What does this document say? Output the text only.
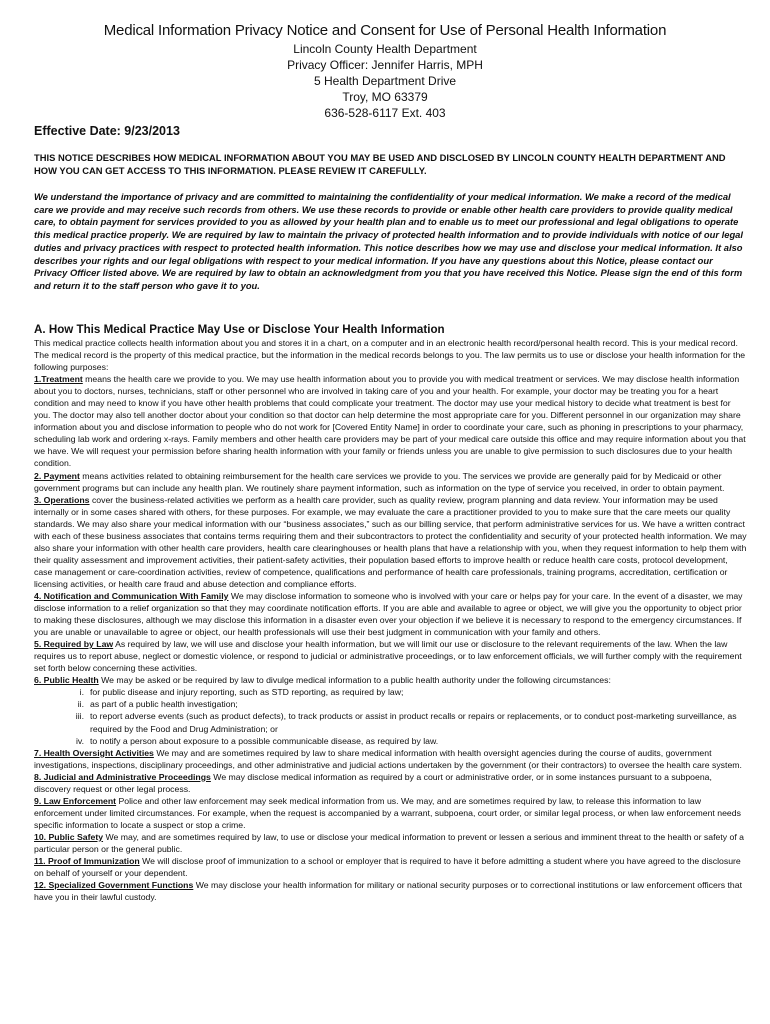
Medical Information Privacy Notice and Consent for Use of Personal Health Information
Lincoln County Health Department
Privacy Officer: Jennifer Harris, MPH
5 Health Department Drive
Troy, MO 63379
636-528-6117 Ext. 403
Effective Date: 9/23/2013
THIS NOTICE DESCRIBES HOW MEDICAL INFORMATION ABOUT YOU MAY BE USED AND DISCLOSED BY LINCOLN COUNTY HEALTH DEPARTMENT AND HOW YOU CAN GET ACCESS TO THIS INFORMATION. PLEASE REVIEW IT CAREFULLY.
We understand the importance of privacy and are committed to maintaining the confidentiality of your medical information. We make a record of the medical care we provide and may receive such records from others. We use these records to provide or enable other health care providers to provide quality medical care, to obtain payment for services provided to you as allowed by your health plan and to enable us to meet our professional and legal obligations to operate this medical practice properly. We are required by law to maintain the privacy of protected health information and to provide individuals with notice of our legal duties and privacy practices with respect to protected health information. This notice describes how we may use and disclose your medical information. It also describes your rights and our legal obligations with respect to your medical information. If you have any questions about this Notice, please contact our Privacy Officer listed above. We are required by law to obtain an acknowledgment from you that you have received this Notice. Please sign the end of this form and return it to the staff person who gave it to you.
A. How This Medical Practice May Use or Disclose Your Health Information

This medical practice collects health information about you and stores it in a chart, on a computer and in an electronic health record/personal health record. This is your medical record. The medical record is the property of this medical practice, but the information in the medical records belongs to you. The law permits us to use or disclose your health information for the following purposes:

1.Treatment means the health care we provide to you. We may use health information about you to provide you with medical treatment or services. We may disclose health information about you to doctors, nurses, technicians, staff or other personnel who are involved in taking care of you and your health. For example, your doctor may be treating you for a heart condition and may need to know if you have other health problems that could complicate your treatment. The doctor may use your medical history to decide what treatment is best for you. The doctor may also tell another doctor about your condition so that doctor can help determine the most appropriate care for you. Different personnel in our organization may share information about you and disclose information to people who do not work for [Covered Entity Name] in order to coordinate your care, such as phoning in prescriptions to your pharmacy, scheduling lab work and ordering x-rays. Family members and other health care providers may be part of your medical care outside this office and may require information about you that we have. We will request your permission before sharing health information with your family or friends unless you are unable to give permission to such disclosures due to your health condition.

2. Payment means activities related to obtaining reimbursement for the health care services we provide to you. The services we provide are generally paid for by Medicaid or other government programs but can include any health plan. We routinely share payment information, such as information on the type of service you received, in order to obtain payment.

3. Operations cover the business-related activities we perform as a health care provider, such as quality review, program planning and data review. Your information may be used internally or in some cases shared with others, for these purposes. For example, we may evaluate the care a practitioner provided to you to make sure that the care meets our quality standards. We may also share your medical information with our “business associates,” such as our billing service, that perform administrative services for us. We have a written contract with each of these business associates that contains terms requiring them and their subcontractors to protect the confidentiality and security of your protected health information. We may also share your information with other health care providers, health care clearinghouses or health plans that have a relationship with you, when they request information to help them with their quality assessment and improvement activities, their patient-safety activities, their population based efforts to improve health or reduce health care costs, protocol development, case management or care-coordination activities, review of competence, qualifications and performance of health care professionals, training programs, accreditation, certification or licensing activities, or health care fraud and abuse detection and compliance efforts.

4. Notification and Communication With Family We may disclose information to someone who is involved with your care or helps pay for your care. In the event of a disaster, we may disclose information to a relief organization so that they may coordinate notification efforts. If you are able and available to agree or object, we will give you the opportunity to object prior to making these disclosures, although we may disclose this information in a disaster even over your objection if we believe it is necessary to respond to the emergency circumstances. If you are unable or unavailable to agree or object, our health professionals will use their best judgment in communication with your family and others.

5. Required by Law As required by law, we will use and disclose your health information, but we will limit our use or disclosure to the relevant requirements of the law. When the law requires us to report abuse, neglect or domestic violence, or respond to judicial or administrative proceedings, or to law enforcement officials, we will further comply with the requirement set forth below concerning these activities.

6. Public Health We may be asked or be required by law to divulge medical information to a public health authority under the following circumstances:

i. for public disease and injury reporting, such as STD reporting, as required by law;
ii. as part of a public health investigation;
iii. to report adverse events (such as product defects), to track products or assist in product recalls or repairs or replacements, or to conduct post-marketing surveillance, as required by the Food and Drug Administration; or
iv. to notify a person about exposure to a possible communicable disease, as required by law.

7. Health Oversight Activities We may and are sometimes required by law to share medical information with health oversight agencies during the course of audits, government investigations, inspections, disciplinary proceedings, and other administrative and judicial actions undertaken by the government (or their contractors) to oversee the health care system.

8. Judicial and Administrative Proceedings We may disclose medical information as required by a court or administrative order, or in some instances pursuant to a subpoena, discovery request or other legal process.

9. Law Enforcement Police and other law enforcement may seek medical information from us. We may, and are sometimes required by law, to release this information to law enforcement under limited circumstances. For example, when the request is accompanied by a warrant, subpoena, court order, or similar legal process, or when law enforcement needs specific information to locate a suspect or stop a crime.

10. Public Safety We may, and are sometimes required by law, to use or disclose your medical information to prevent or lessen a serious and imminent threat to the health or safety of a particular person or the general public.

11. Proof of Immunization We will disclose proof of immunization to a school or employer that is required to have it before admitting a student where you have agreed to the disclosure on behalf of yourself or your dependent.

12. Specialized Government Functions We may disclose your health information for military or national security purposes or to correctional institutions or law enforcement officers that have you in their lawful custody.
